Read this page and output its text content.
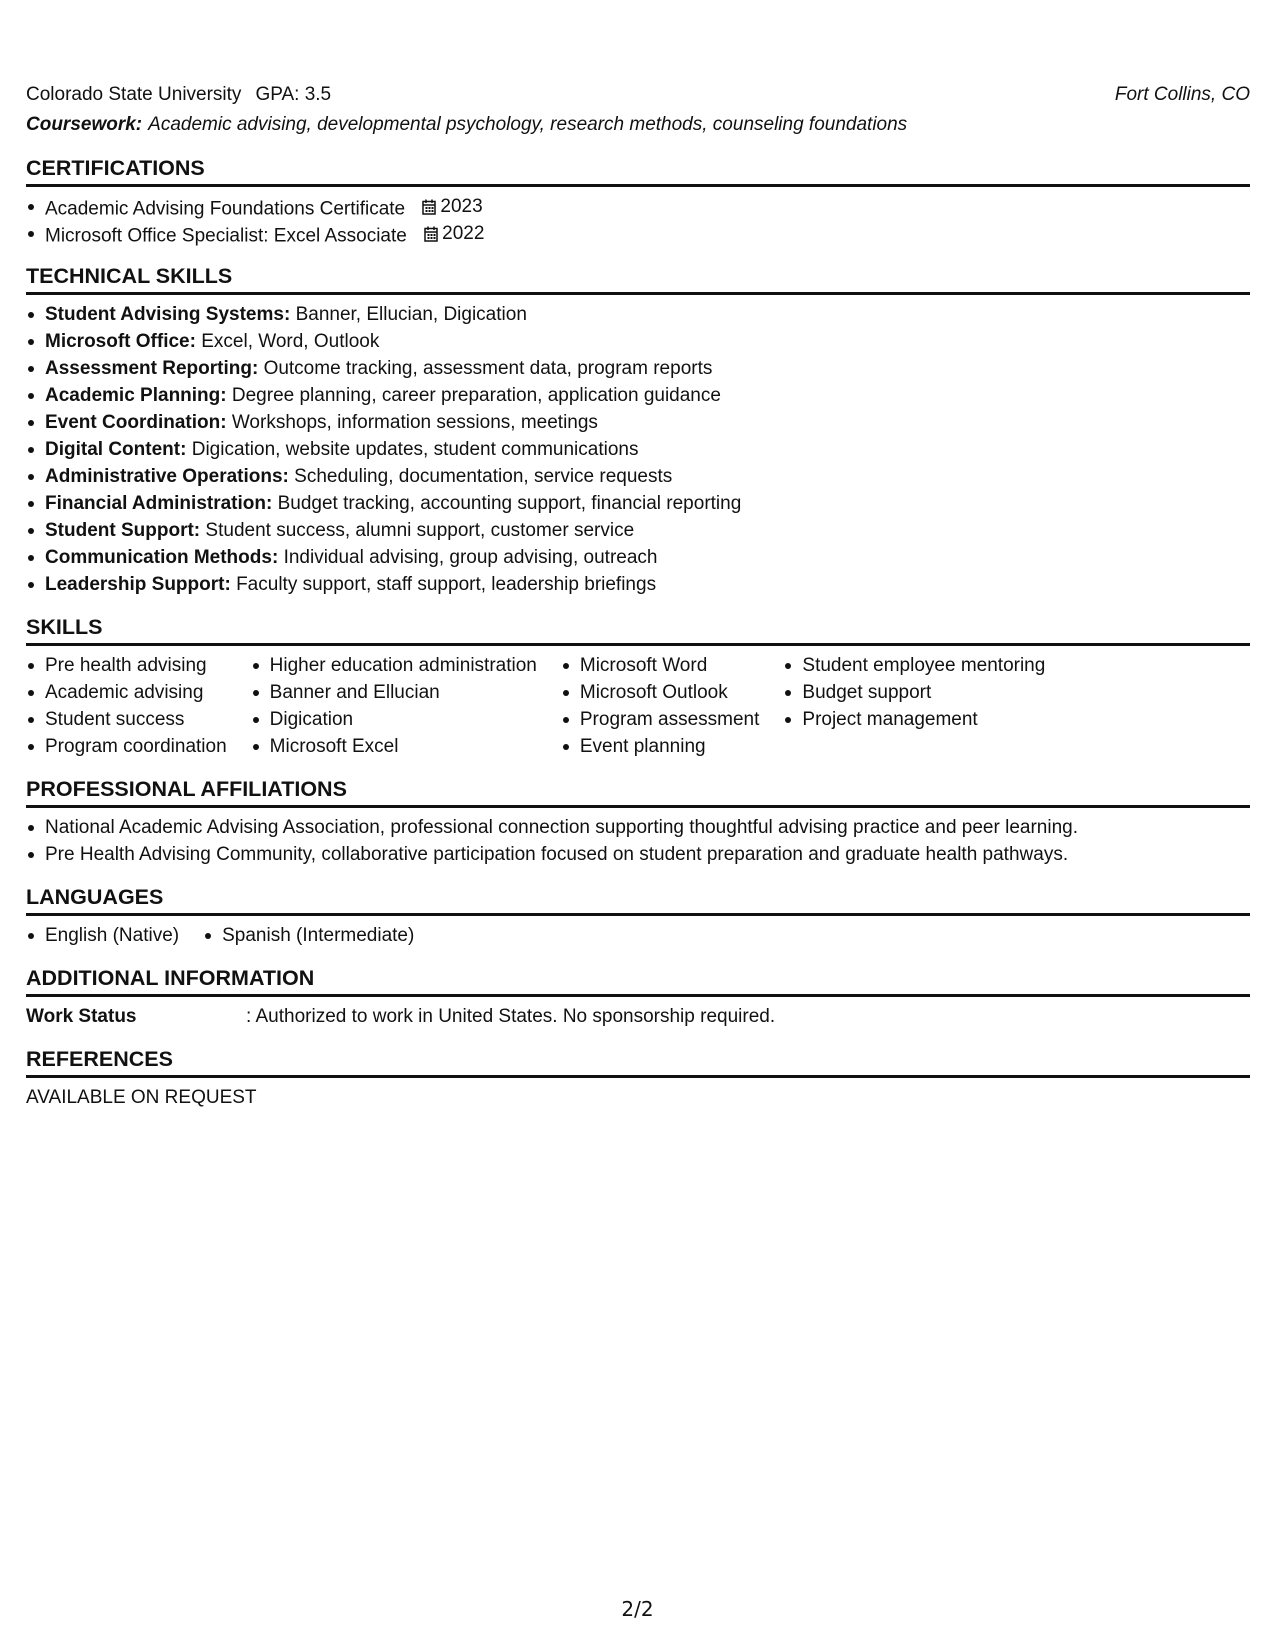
Colorado State University GPA: 3.5	Fort Collins, CO
Coursework: Academic advising, developmental psychology, research methods, counseling foundations
CERTIFICATIONS
Academic Advising Foundations Certificate 2023
Microsoft Office Specialist: Excel Associate 2022
TECHNICAL SKILLS
Student Advising Systems: Banner, Ellucian, Digication
Microsoft Office: Excel, Word, Outlook
Assessment Reporting: Outcome tracking, assessment data, program reports
Academic Planning: Degree planning, career preparation, application guidance
Event Coordination: Workshops, information sessions, meetings
Digital Content: Digication, website updates, student communications
Administrative Operations: Scheduling, documentation, service requests
Financial Administration: Budget tracking, accounting support, financial reporting
Student Support: Student success, alumni support, customer service
Communication Methods: Individual advising, group advising, outreach
Leadership Support: Faculty support, staff support, leadership briefings
SKILLS
Pre health advising
Academic advising
Student success
Program coordination
Higher education administration
Banner and Ellucian
Digication
Microsoft Excel
Microsoft Word
Microsoft Outlook
Program assessment
Event planning
Student employee mentoring
Budget support
Project management
PROFESSIONAL AFFILIATIONS
National Academic Advising Association, professional connection supporting thoughtful advising practice and peer learning.
Pre Health Advising Community, collaborative participation focused on student preparation and graduate health pathways.
LANGUAGES
English (Native)	Spanish (Intermediate)
ADDITIONAL INFORMATION
Work Status	: Authorized to work in United States. No sponsorship required.
REFERENCES
AVAILABLE ON REQUEST
2/2
